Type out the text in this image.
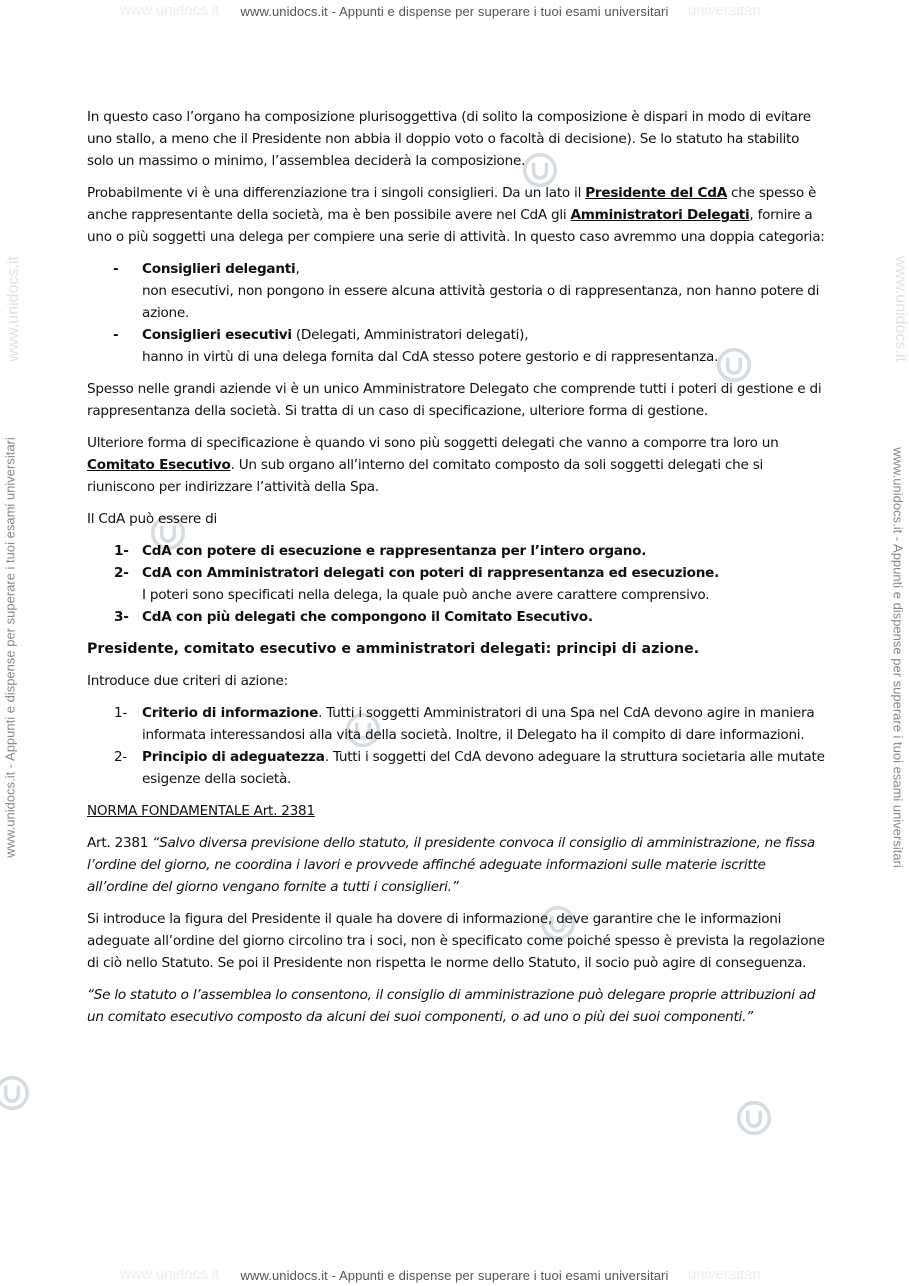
www.unidocs.it	universitari
www.unidocs.it - Appunti e dispense per superare i tuoi esami universitari
www.unidocs.it	universitari
www.unidocs.it - Appunti e dispense per superare i tuoi esami universitari
www.unidocs.it
www.unidocs.it - Appunti e dispense per superare i tuoi esami universitari
www.unidocs.it
www.unidocs.it - Appunti e dispense per superare i tuoi esami universitari

In questo caso l’organo ha composizione plurisoggettiva (di solito la composizione è dispari in modo di evitare uno stallo, a meno che il Presidente non abbia il doppio voto o facoltà di decisione). Se lo statuto ha stabilito solo un massimo o minimo, l’assemblea deciderà la composizione.

Probabilmente vi è una differenziazione tra i singoli consiglieri. Da un lato il Presidente del CdA che spesso è anche rappresentante della società, ma è ben possibile avere nel CdA gli Amministratori Delegati, fornire a uno o più soggetti una delega per compiere una serie di attività. In questo caso avremmo una doppia categoria:

- Consiglieri deleganti,
non esecutivi, non pongono in essere alcuna attività gestoria o di rappresentanza, non hanno potere di azione.
- Consiglieri esecutivi (Delegati, Amministratori delegati),
hanno in virtù di una delega fornita dal CdA stesso potere gestorio e di rappresentanza.

Spesso nelle grandi aziende vi è un unico Amministratore Delegato che comprende tutti i poteri di gestione e di rappresentanza della società. Si tratta di un caso di specificazione, ulteriore forma di gestione.

Ulteriore forma di specificazione è quando vi sono più soggetti delegati che vanno a comporre tra loro un Comitato Esecutivo. Un sub organo all’interno del comitato composto da soli soggetti delegati che si riuniscono per indirizzare l’attività della Spa.

Il CdA può essere di

1- CdA con potere di esecuzione e rappresentanza per l’intero organo.
2- CdA con Amministratori delegati con poteri di rappresentanza ed esecuzione.
I poteri sono specificati nella delega, la quale può anche avere carattere comprensivo.
3- CdA con più delegati che compongono il Comitato Esecutivo.

Presidente, comitato esecutivo e amministratori delegati: principi di azione.

Introduce due criteri di azione:

1- Criterio di informazione. Tutti i soggetti Amministratori di una Spa nel CdA devono agire in maniera informata interessandosi alla vita della società. Inoltre, il Delegato ha il compito di dare informazioni.
2- Principio di adeguatezza. Tutti i soggetti del CdA devono adeguare la struttura societaria alle mutate esigenze della società.

NORMA FONDAMENTALE Art. 2381

Art. 2381 “Salvo diversa previsione dello statuto, il presidente convoca il consiglio di amministrazione, ne fissa l’ordine del giorno, ne coordina i lavori e provvede affinché adeguate informazioni sulle materie iscritte all’ordine del giorno vengano fornite a tutti i consiglieri.”

Si introduce la figura del Presidente il quale ha dovere di informazione, deve garantire che le informazioni adeguate all’ordine del giorno circolino tra i soci, non è specificato come poiché spesso è prevista la regolazione di ciò nello Statuto. Se poi il Presidente non rispetta le norme dello Statuto, il socio può agire di conseguenza.

“Se lo statuto o l’assemblea lo consentono, il consiglio di amministrazione può delegare proprie attribuzioni ad un comitato esecutivo composto da alcuni dei suoi componenti, o ad uno o più dei suoi componenti.”
